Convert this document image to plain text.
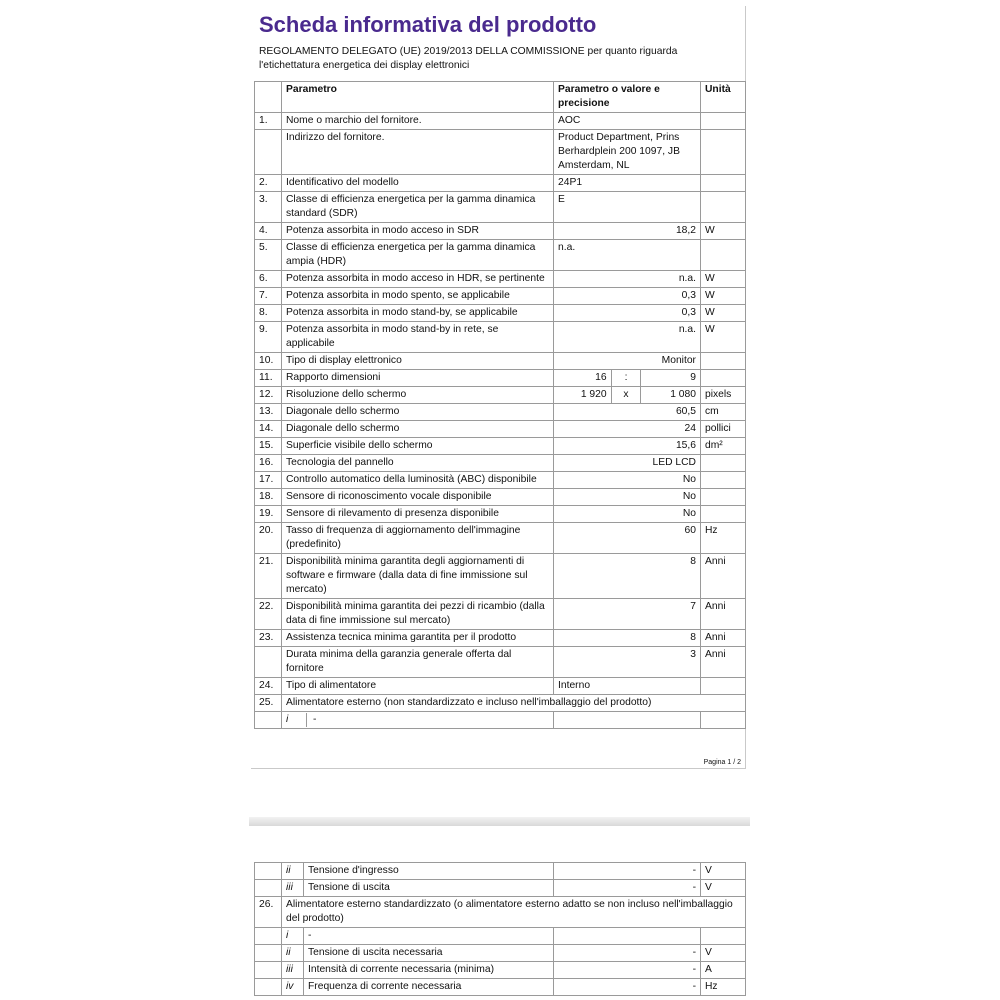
Scheda informativa del prodotto
REGOLAMENTO DELEGATO (UE) 2019/2013 DELLA COMMISSIONE per quanto riguarda l'etichettatura energetica dei display elettronici
	Parametro	Parametro o valore e precisione	Unità
1.	Nome o marchio del fornitore.	AOC	
	Indirizzo del fornitore.	Product Department, Prins Berhardplein 200 1097, JB Amsterdam, NL	
2.	Identificativo del modello	24P1	
3.	Classe di efficienza energetica per la gamma dinamica standard (SDR)	E	
4.	Potenza assorbita in modo acceso in SDR	18,2	W
5.	Classe di efficienza energetica per la gamma dinamica ampia (HDR)	n.a.	
6.	Potenza assorbita in modo acceso in HDR, se pertinente	n.a.	W
7.	Potenza assorbita in modo spento, se applicabile	0,3	W
8.	Potenza assorbita in modo stand-by, se applicabile	0,3	W
9.	Potenza assorbita in modo stand-by in rete, se applicabile	n.a.	W
10.	Tipo di display elettronico	Monitor	
11.	Rapporto dimensioni	16 : 9	

12.	Risoluzione dello schermo	1 920 x 1 080	pixels
13.	Diagonale dello schermo	60,5	cm
14.	Diagonale dello schermo	24	pollici
15.	Superficie visibile dello schermo	15,6	dm²
16.	Tecnologia del pannello	LED LCD	
17.	Controllo automatico della luminosità (ABC) disponibile	No	
18.	Sensore di riconoscimento vocale disponibile	No	
19.	Sensore di rilevamento di presenza disponibile	No	
20.	Tasso di frequenza di aggiornamento dell'immagine (predefinito)	60	Hz
21.	Disponibilità minima garantita degli aggiornamenti di software e firmware (dalla data di fine immissione sul mercato)	8	Anni
22.	Disponibilità minima garantita dei pezzi di ricambio (dalla data di fine immissione sul mercato)	7	Anni
23.	Assistenza tecnica minima garantita per il prodotto	8	Anni
	Durata minima della garanzia generale offerta dal fornitore	3	Anni
24.	Tipo di alimentatore	Interno	
25.	Alimentatore esterno (non standardizzato e incluso nell'imballaggio del prodotto)		
	i -		
Pagina 1 / 2
	ii	Tensione d'ingresso	-	V
	iii	Tensione di uscita	-	V
26.	Alimentatore esterno standardizzato (o alimentatore esterno adatto se non incluso nell'imballaggio del prodotto)			
	i	-		
	ii	Tensione di uscita necessaria	-	V
	iii	Intensità di corrente necessaria (minima)	-	A
	iv	Frequenza di corrente necessaria	-	Hz
